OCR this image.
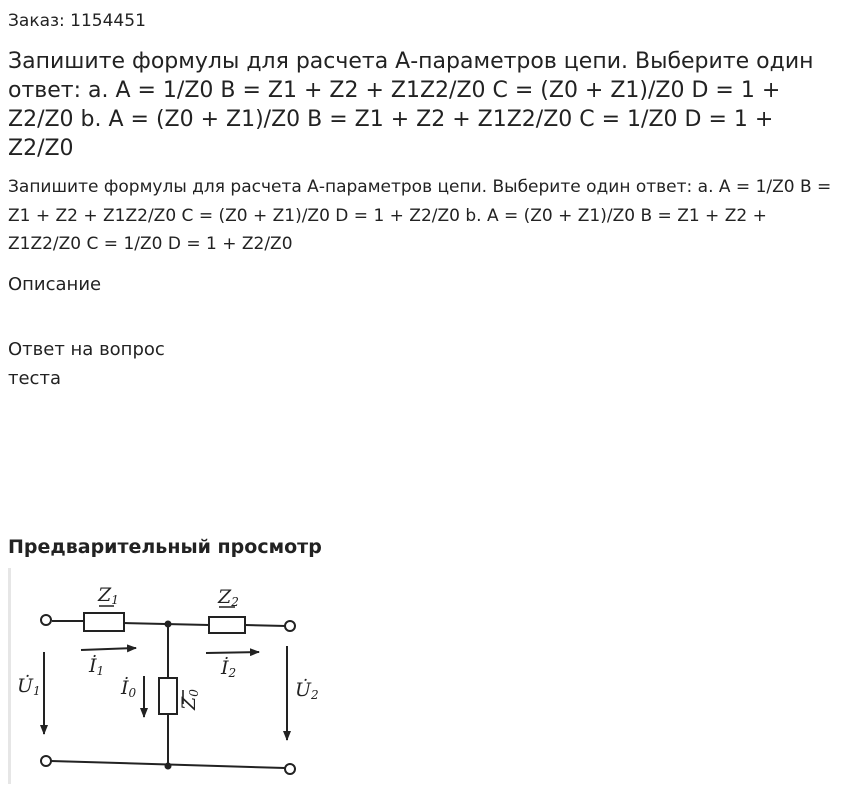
Заказ: 1154451
Запишите формулы для расчета А-параметров цепи. Выберите один ответ: a. A = 1/Z0 B = Z1 + Z2 + Z1Z2/Z0 C = (Z0 + Z1)/Z0 D = 1 + Z2/Z0 b. A = (Z0 + Z1)/Z0 B = Z1 + Z2 + Z1Z2/Z0 C = 1/Z0 D = 1 + Z2/Z0

Запишите формулы для расчета А-параметров цепи. Выберите один ответ: a. A = 1/Z0 B = Z1 + Z2 + Z1Z2/Z0 C = (Z0 + Z1)/Z0 D = 1 + Z2/Z0 b. A = (Z0 + Z1)/Z0 B = Z1 + Z2 + Z1Z2/Z0 C = 1/Z0 D = 1 + Z2/Z0

Описание
Ответ на вопрос теста
Предварительный просмотр
Z1	Z2
Z0
İ1	İ2
İ0
U̇1	U̇2
